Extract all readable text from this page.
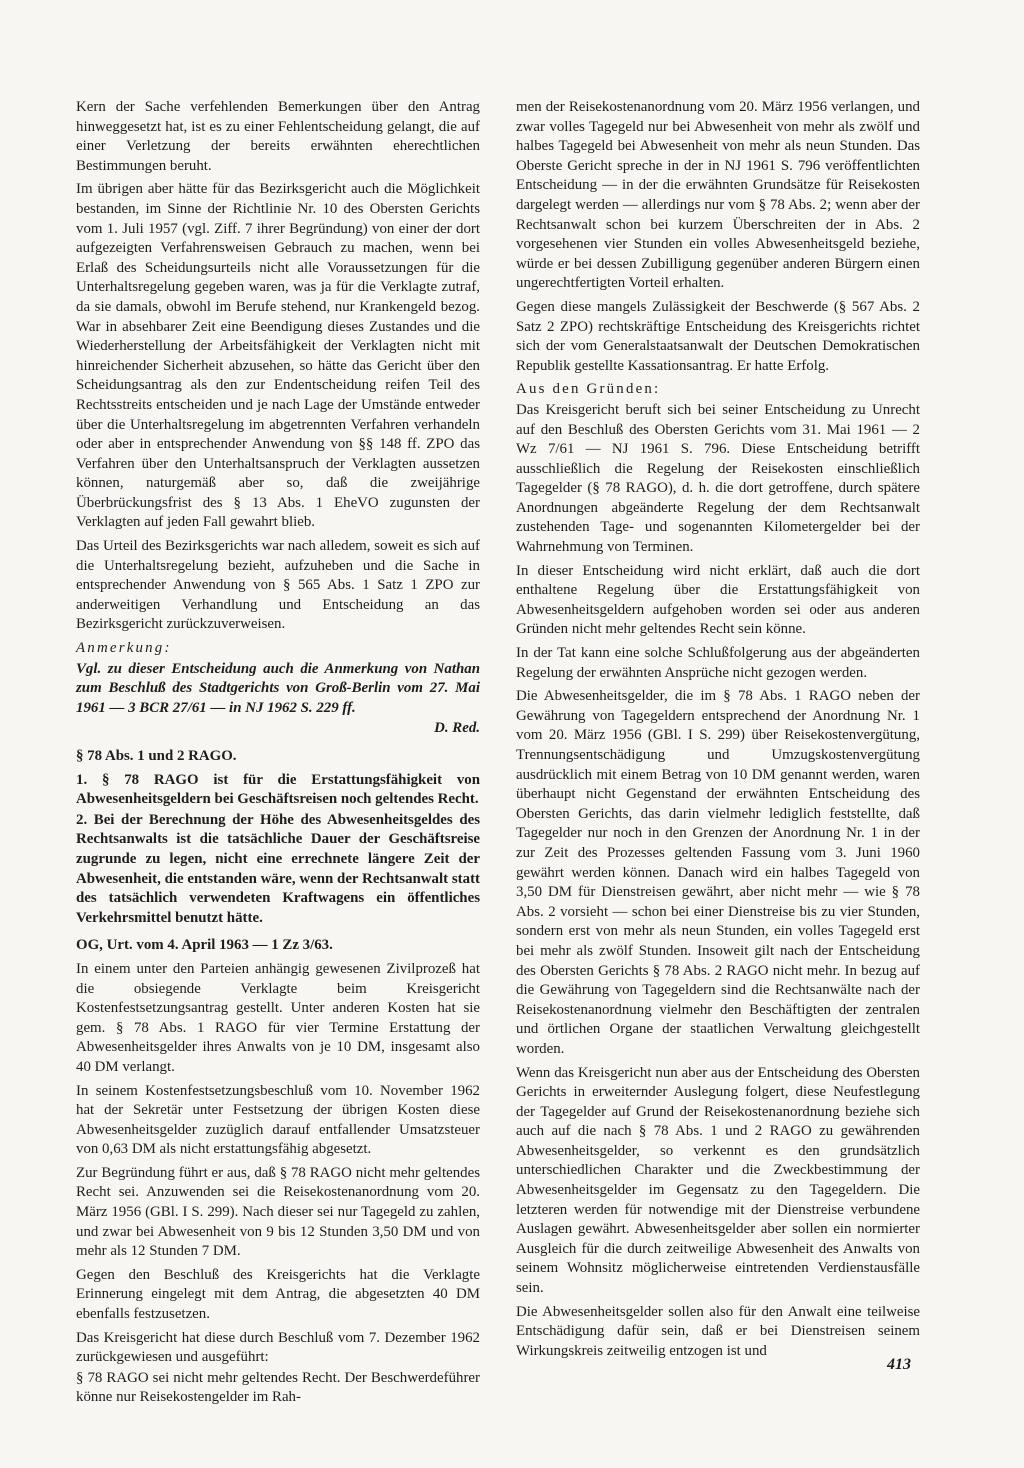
Kern der Sache verfehlenden Bemerkungen über den Antrag hinweggesetzt hat, ist es zu einer Fehlentscheidung gelangt, die auf einer Verletzung der bereits erwähnten eherechtlichen Bestimmungen beruht.

Im übrigen aber hätte für das Bezirksgericht auch die Möglichkeit bestanden, im Sinne der Richtlinie Nr. 10 des Obersten Gerichts vom 1. Juli 1957 (vgl. Ziff. 7 ihrer Begründung) von einer der dort aufgezeigten Verfahrensweisen Gebrauch zu machen, wenn bei Erlaß des Scheidungsurteils nicht alle Voraussetzungen für die Unterhaltsregelung gegeben waren, was ja für die Verklagte zutraf, da sie damals, obwohl im Berufe stehend, nur Krankengeld bezog. War in absehbarer Zeit eine Beendigung dieses Zustandes und die Wiederherstellung der Arbeitsfähigkeit der Verklagten nicht mit hinreichender Sicherheit abzusehen, so hätte das Gericht über den Scheidungsantrag als den zur Endentscheidung reifen Teil des Rechtsstreits entscheiden und je nach Lage der Umstände entweder über die Unterhaltsregelung im abgetrennten Verfahren verhandeln oder aber in entsprechender Anwendung von §§ 148 ff. ZPO das Verfahren über den Unterhaltsanspruch der Verklagten aussetzen können, naturgemäß aber so, daß die zweijährige Überbrückungsfrist des § 13 Abs. 1 EheVO zugunsten der Verklagten auf jeden Fall gewahrt blieb.

Das Urteil des Bezirksgerichts war nach alledem, soweit es sich auf die Unterhaltsregelung bezieht, aufzuheben und die Sache in entsprechender Anwendung von § 565 Abs. 1 Satz 1 ZPO zur anderweitigen Verhandlung und Entscheidung an das Bezirksgericht zurückzuverweisen.

Anmerkung:

Vgl. zu dieser Entscheidung auch die Anmerkung von Nathan zum Beschluß des Stadtgerichts von Groß-Berlin vom 27. Mai 1961 — 3 BCR 27/61 — in NJ 1962 S. 229 ff.

D. Red.

§ 78 Abs. 1 und 2 RAGO.

1. § 78 RAGO ist für die Erstattungsfähigkeit von Abwesenheitsgeldern bei Geschäftsreisen noch geltendes Recht.

2. Bei der Berechnung der Höhe des Abwesenheitsgeldes des Rechtsanwalts ist die tatsächliche Dauer der Geschäftsreise zugrunde zu legen, nicht eine errechnete längere Zeit der Abwesenheit, die entstanden wäre, wenn der Rechtsanwalt statt des tatsächlich verwendeten Kraftwagens ein öffentliches Verkehrsmittel benutzt hätte.

OG, Urt. vom 4. April 1963 — 1 Zz 3/63.

In einem unter den Parteien anhängig gewesenen Zivilprozeß hat die obsiegende Verklagte beim Kreisgericht Kostenfestsetzungsantrag gestellt. Unter anderen Kosten hat sie gem. § 78 Abs. 1 RAGO für vier Termine Erstattung der Abwesenheitsgelder ihres Anwalts von je 10 DM, insgesamt also 40 DM verlangt.

In seinem Kostenfestsetzungsbeschluß vom 10. November 1962 hat der Sekretär unter Festsetzung der übrigen Kosten diese Abwesenheitsgelder zuzüglich darauf entfallender Umsatzsteuer von 0,63 DM als nicht erstattungsfähig abgesetzt.

Zur Begründung führt er aus, daß § 78 RAGO nicht mehr geltendes Recht sei. Anzuwenden sei die Reisekostenanordnung vom 20. März 1956 (GBl. I S. 299). Nach dieser sei nur Tagegeld zu zahlen, und zwar bei Abwesenheit von 9 bis 12 Stunden 3,50 DM und von mehr als 12 Stunden 7 DM.

Gegen den Beschluß des Kreisgerichts hat die Verklagte Erinnerung eingelegt mit dem Antrag, die abgesetzten 40 DM ebenfalls festzusetzen.

Das Kreisgericht hat diese durch Beschluß vom 7. Dezember 1962 zurückgewiesen und ausgeführt:

§ 78 RAGO sei nicht mehr geltendes Recht. Der Beschwerdeführer könne nur Reisekostengelder im Rah-

men der Reisekostenanordnung vom 20. März 1956 verlangen, und zwar volles Tagegeld nur bei Abwesenheit von mehr als zwölf und halbes Tagegeld bei Abwesenheit von mehr als neun Stunden. Das Oberste Gericht spreche in der in NJ 1961 S. 796 veröffentlichten Entscheidung — in der die erwähnten Grundsätze für Reisekosten dargelegt werden — allerdings nur vom § 78 Abs. 2; wenn aber der Rechtsanwalt schon bei kurzem Überschreiten der in Abs. 2 vorgesehenen vier Stunden ein volles Abwesenheitsgeld beziehe, würde er bei dessen Zubilligung gegenüber anderen Bürgern einen ungerechtfertigten Vorteil erhalten.

Gegen diese mangels Zulässigkeit der Beschwerde (§ 567 Abs. 2 Satz 2 ZPO) rechtskräftige Entscheidung des Kreisgerichts richtet sich der vom Generalstaatsanwalt der Deutschen Demokratischen Republik gestellte Kassationsantrag. Er hatte Erfolg.

Aus den Gründen:

Das Kreisgericht beruft sich bei seiner Entscheidung zu Unrecht auf den Beschluß des Obersten Gerichts vom 31. Mai 1961 — 2 Wz 7/61 — NJ 1961 S. 796. Diese Entscheidung betrifft ausschließlich die Regelung der Reisekosten einschließlich Tagegelder (§ 78 RAGO), d. h. die dort getroffene, durch spätere Anordnungen abgeänderte Regelung der dem Rechtsanwalt zustehenden Tage- und sogenannten Kilometergelder bei der Wahrnehmung von Terminen.

In dieser Entscheidung wird nicht erklärt, daß auch die dort enthaltene Regelung über die Erstattungsfähigkeit von Abwesenheitsgeldern aufgehoben worden sei oder aus anderen Gründen nicht mehr geltendes Recht sein könne.

In der Tat kann eine solche Schlußfolgerung aus der abgeänderten Regelung der erwähnten Ansprüche nicht gezogen werden.

Die Abwesenheitsgelder, die im § 78 Abs. 1 RAGO neben der Gewährung von Tagegeldern entsprechend der Anordnung Nr. 1 vom 20. März 1956 (GBl. I S. 299) über Reisekostenvergütung, Trennungsentschädigung und Umzugskostenvergütung ausdrücklich mit einem Betrag von 10 DM genannt werden, waren überhaupt nicht Gegenstand der erwähnten Entscheidung des Obersten Gerichts, das darin vielmehr lediglich feststellte, daß Tagegelder nur noch in den Grenzen der Anordnung Nr. 1 in der zur Zeit des Prozesses geltenden Fassung vom 3. Juni 1960 gewährt werden können. Danach wird ein halbes Tagegeld von 3,50 DM für Dienstreisen gewährt, aber nicht mehr — wie § 78 Abs. 2 vorsieht — schon bei einer Dienstreise bis zu vier Stunden, sondern erst von mehr als neun Stunden, ein volles Tagegeld erst bei mehr als zwölf Stunden. Insoweit gilt nach der Entscheidung des Obersten Gerichts § 78 Abs. 2 RAGO nicht mehr. In bezug auf die Gewährung von Tagegeldern sind die Rechtsanwälte nach der Reisekostenanordnung vielmehr den Beschäftigten der zentralen und örtlichen Organe der staatlichen Verwaltung gleichgestellt worden.

Wenn das Kreisgericht nun aber aus der Entscheidung des Obersten Gerichts in erweiternder Auslegung folgert, diese Neufestlegung der Tagegelder auf Grund der Reisekostenanordnung beziehe sich auch auf die nach § 78 Abs. 1 und 2 RAGO zu gewährenden Abwesenheitsgelder, so verkennt es den grundsätzlich unterschiedlichen Charakter und die Zweckbestimmung der Abwesenheitsgelder im Gegensatz zu den Tagegeldern. Die letzteren werden für notwendige mit der Dienstreise verbundene Auslagen gewährt. Abwesenheitsgelder aber sollen ein normierter Ausgleich für die durch zeitweilige Abwesenheit des Anwalts von seinem Wohnsitz möglicherweise eintretenden Verdienstausfälle sein.

Die Abwesenheitsgelder sollen also für den Anwalt eine teilweise Entschädigung dafür sein, daß er bei Dienstreisen seinem Wirkungskreis zeitweilig entzogen ist und

413
